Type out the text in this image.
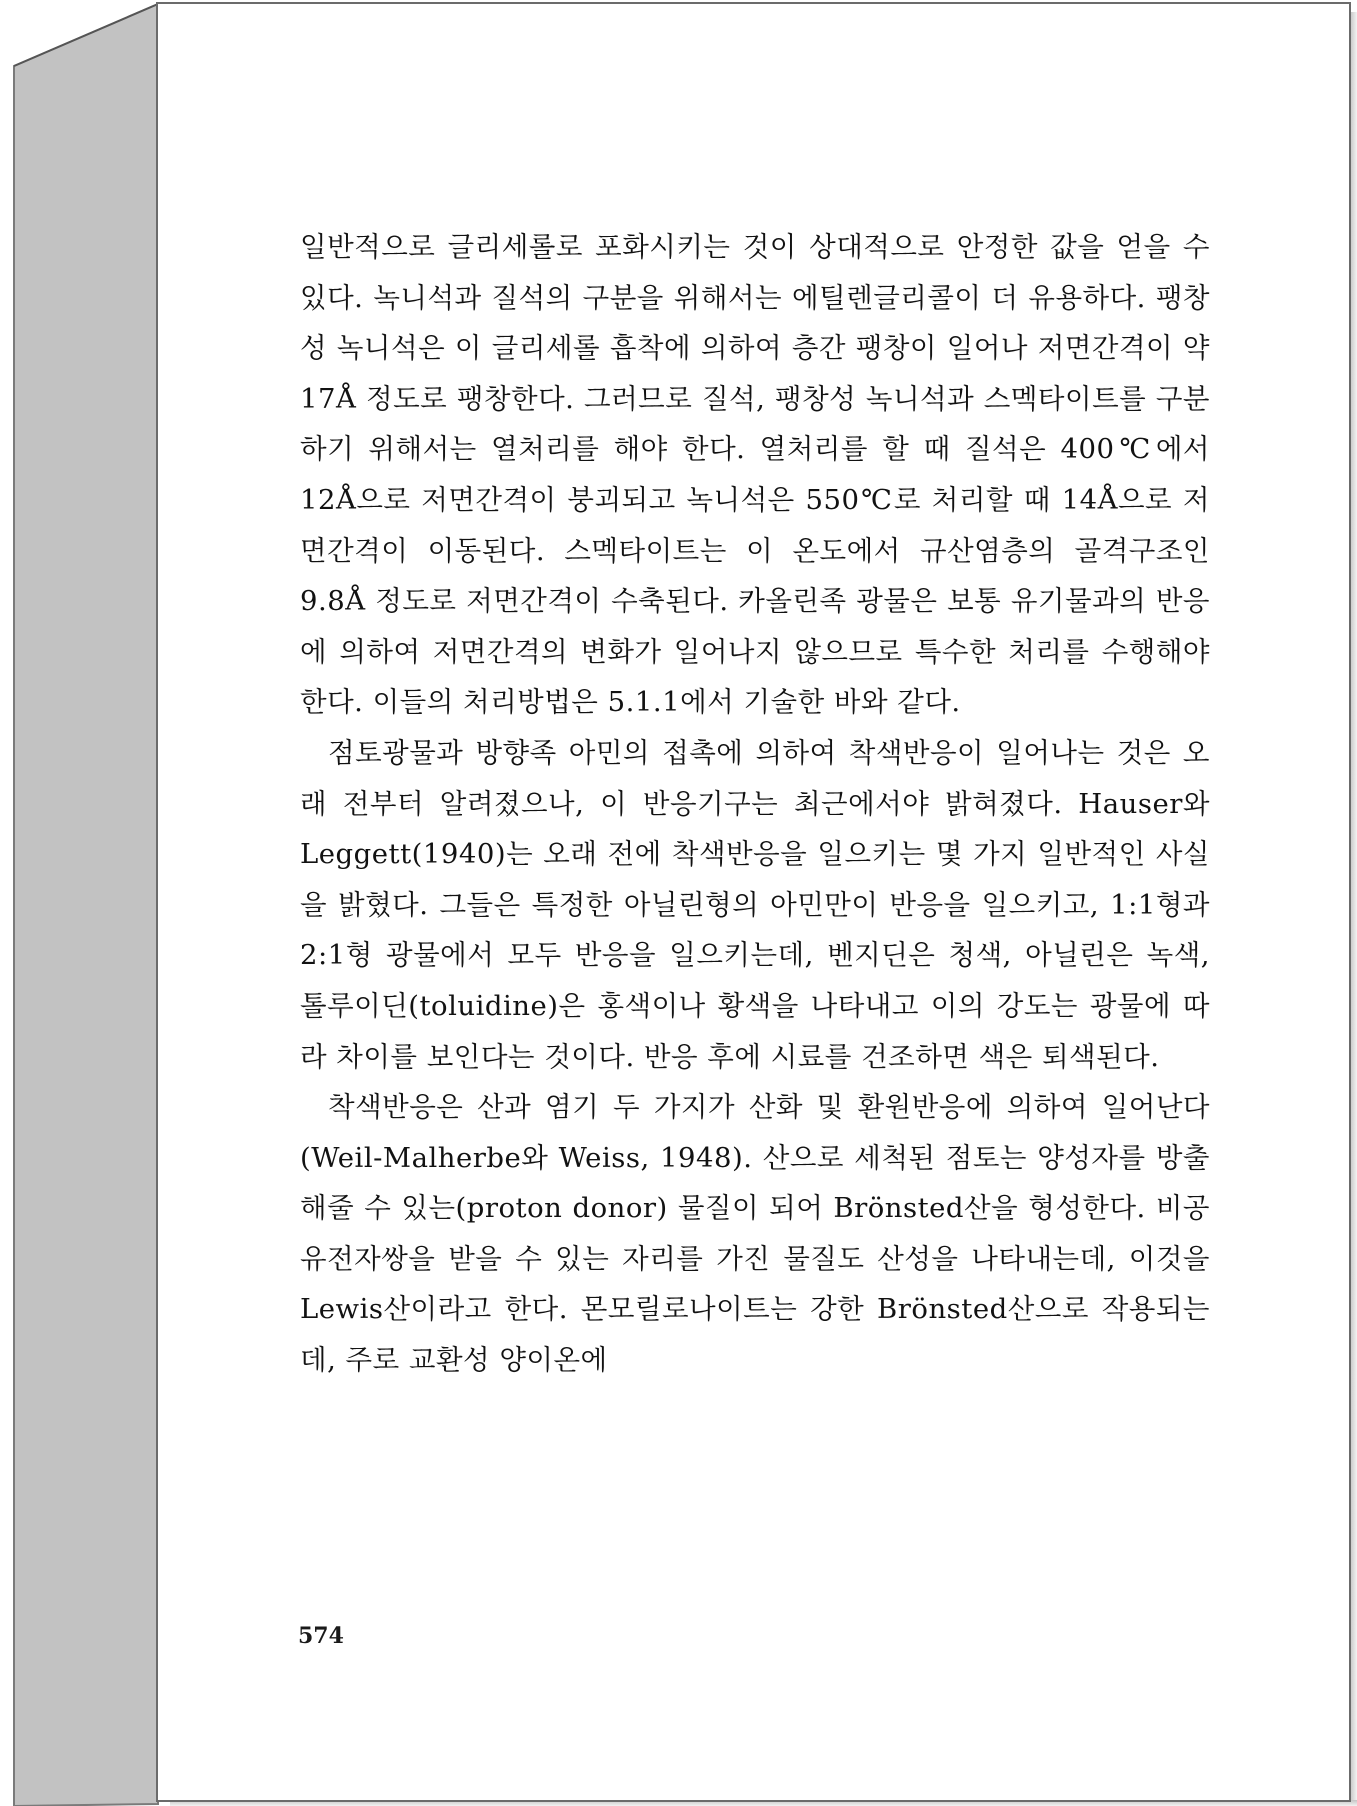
일반적으로 글리세롤로 포화시키는 것이 상대적으로 안정한 값을 얻을 수 있다. 녹니석과 질석의 구분을 위해서는 에틸렌글리콜이 더 유용하다. 팽창성 녹니석은 이 글리세롤 흡착에 의하여 층간 팽창이 일어나 저면간격이 약 17Å 정도로 팽창한다. 그러므로 질석, 팽창성 녹니석과 스멕타이트를 구분하기 위해서는 열처리를 해야 한다. 열처리를 할 때 질석은 400℃에서 12Å으로 저면간격이 붕괴되고 녹니석은 550℃로 처리할 때 14Å으로 저면간격이 이동된다. 스멕타이트는 이 온도에서 규산염층의 골격구조인 9.8Å 정도로 저면간격이 수축된다. 카올린족 광물은 보통 유기물과의 반응에 의하여 저면간격의 변화가 일어나지 않으므로 특수한 처리를 수행해야 한다. 이들의 처리방법은 5.1.1에서 기술한 바와 같다.

점토광물과 방향족 아민의 접촉에 의하여 착색반응이 일어나는 것은 오래 전부터 알려졌으나, 이 반응기구는 최근에서야 밝혀졌다. Hauser와 Leggett(1940)는 오래 전에 착색반응을 일으키는 몇 가지 일반적인 사실을 밝혔다. 그들은 특정한 아닐린형의 아민만이 반응을 일으키고, 1:1형과 2:1형 광물에서 모두 반응을 일으키는데, 벤지딘은 청색, 아닐린은 녹색, 톨루이딘(toluidine)은 홍색이나 황색을 나타내고 이의 강도는 광물에 따라 차이를 보인다는 것이다. 반응 후에 시료를 건조하면 색은 퇴색된다.

착색반응은 산과 염기 두 가지가 산화 및 환원반응에 의하여 일어난다(Weil-Malherbe와 Weiss, 1948). 산으로 세척된 점토는 양성자를 방출해줄 수 있는(proton donor) 물질이 되어 Brönsted산을 형성한다. 비공유전자쌍을 받을 수 있는 자리를 가진 물질도 산성을 나타내는데, 이것을 Lewis산이라고 한다. 몬모릴로나이트는 강한 Brönsted산으로 작용되는데, 주로 교환성 양이온에

574
